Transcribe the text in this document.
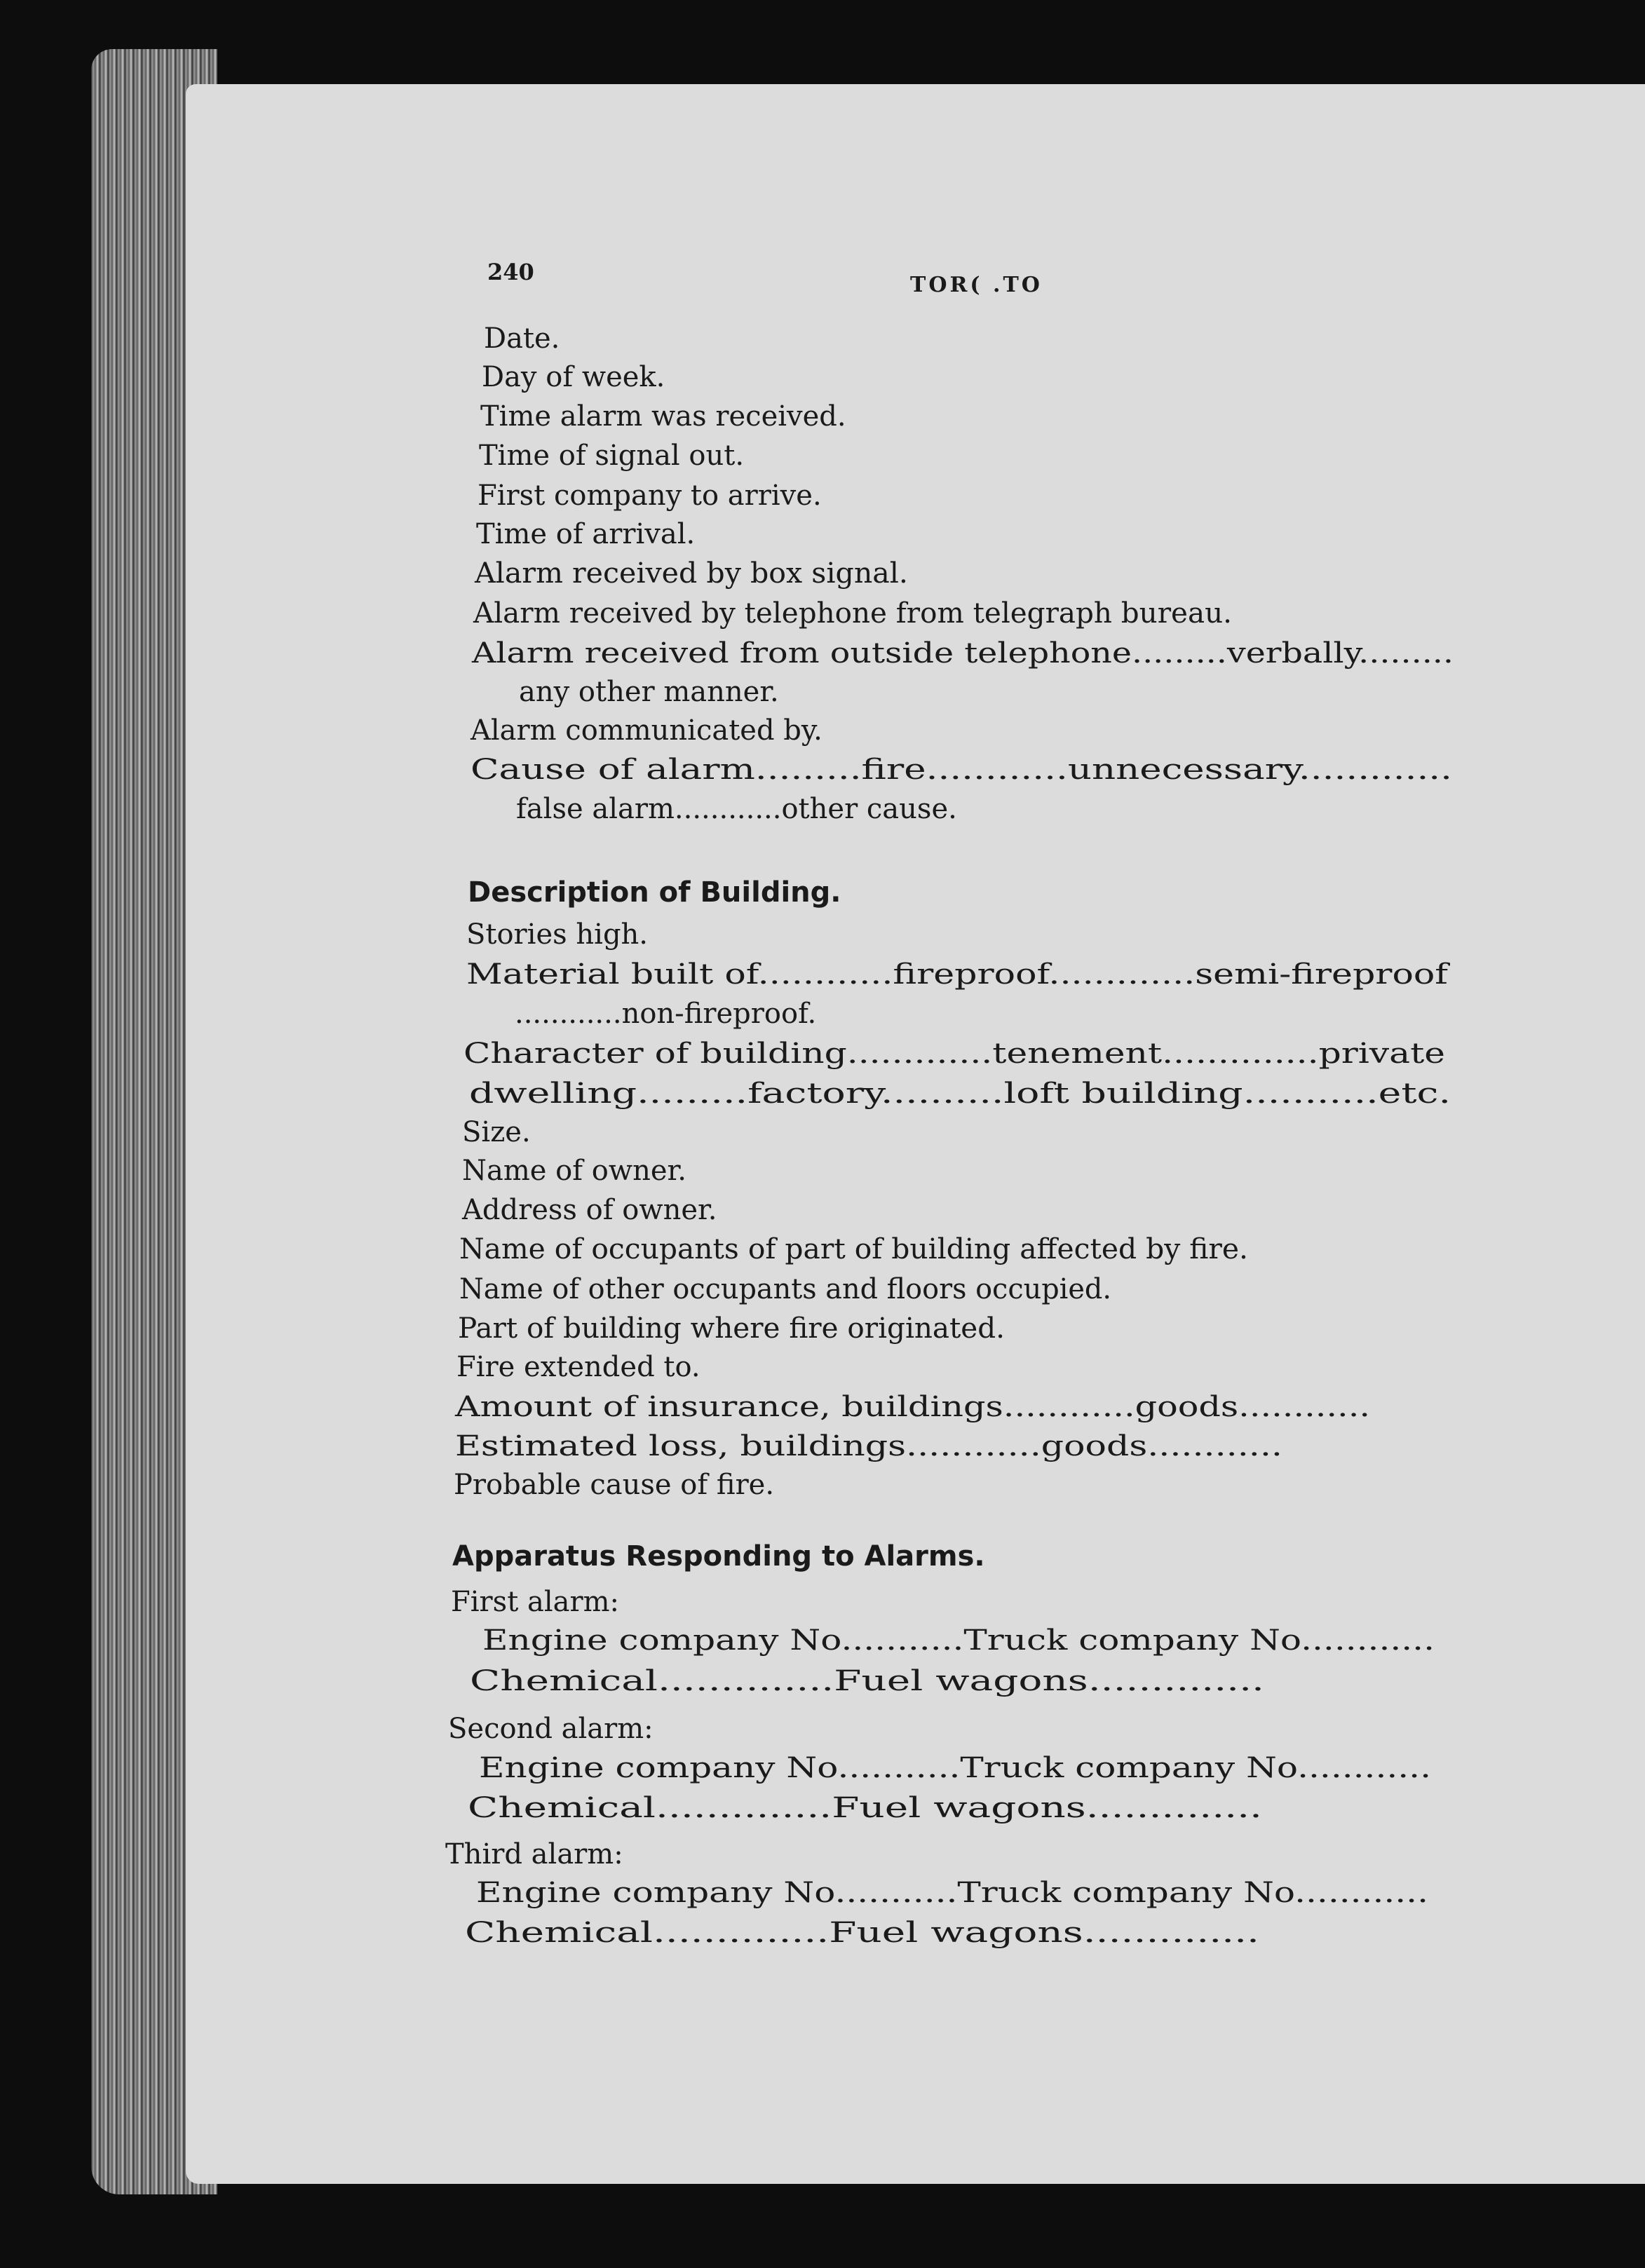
240	TOR( .TO
Date.
Day of week.
Time alarm was received.
Time of signal out.
First company to arrive.
Time of arrival.
Alarm received by box signal.
Alarm received by telephone from telegraph bureau.
Alarm received from outside telephone.........verbally.........
any other manner.
Alarm communicated by.
Cause of alarm.........fire............unnecessary.............
false alarm............other cause.
Description of Building.
Stories high.
Material built of............fireproof.............semi-fireproof
............non-fireproof.
Character of building.............tenement..............private
dwelling.........factory..........loft building...........etc.
Size.
Name of owner.
Address of owner.
Name of occupants of part of building affected by fire.
Name of other occupants and floors occupied.
Part of building where fire originated.
Fire extended to.
Amount of insurance, buildings............goods............
Estimated loss, buildings............goods............
Probable cause of fire.
Apparatus Responding to Alarms.
First alarm:
Engine company No...........Truck company No............
Chemical..............Fuel wagons..............
Second alarm:
Engine company No...........Truck company No............
Chemical..............Fuel wagons..............
Third alarm:
Engine company No...........Truck company No............
Chemical..............Fuel wagons..............
